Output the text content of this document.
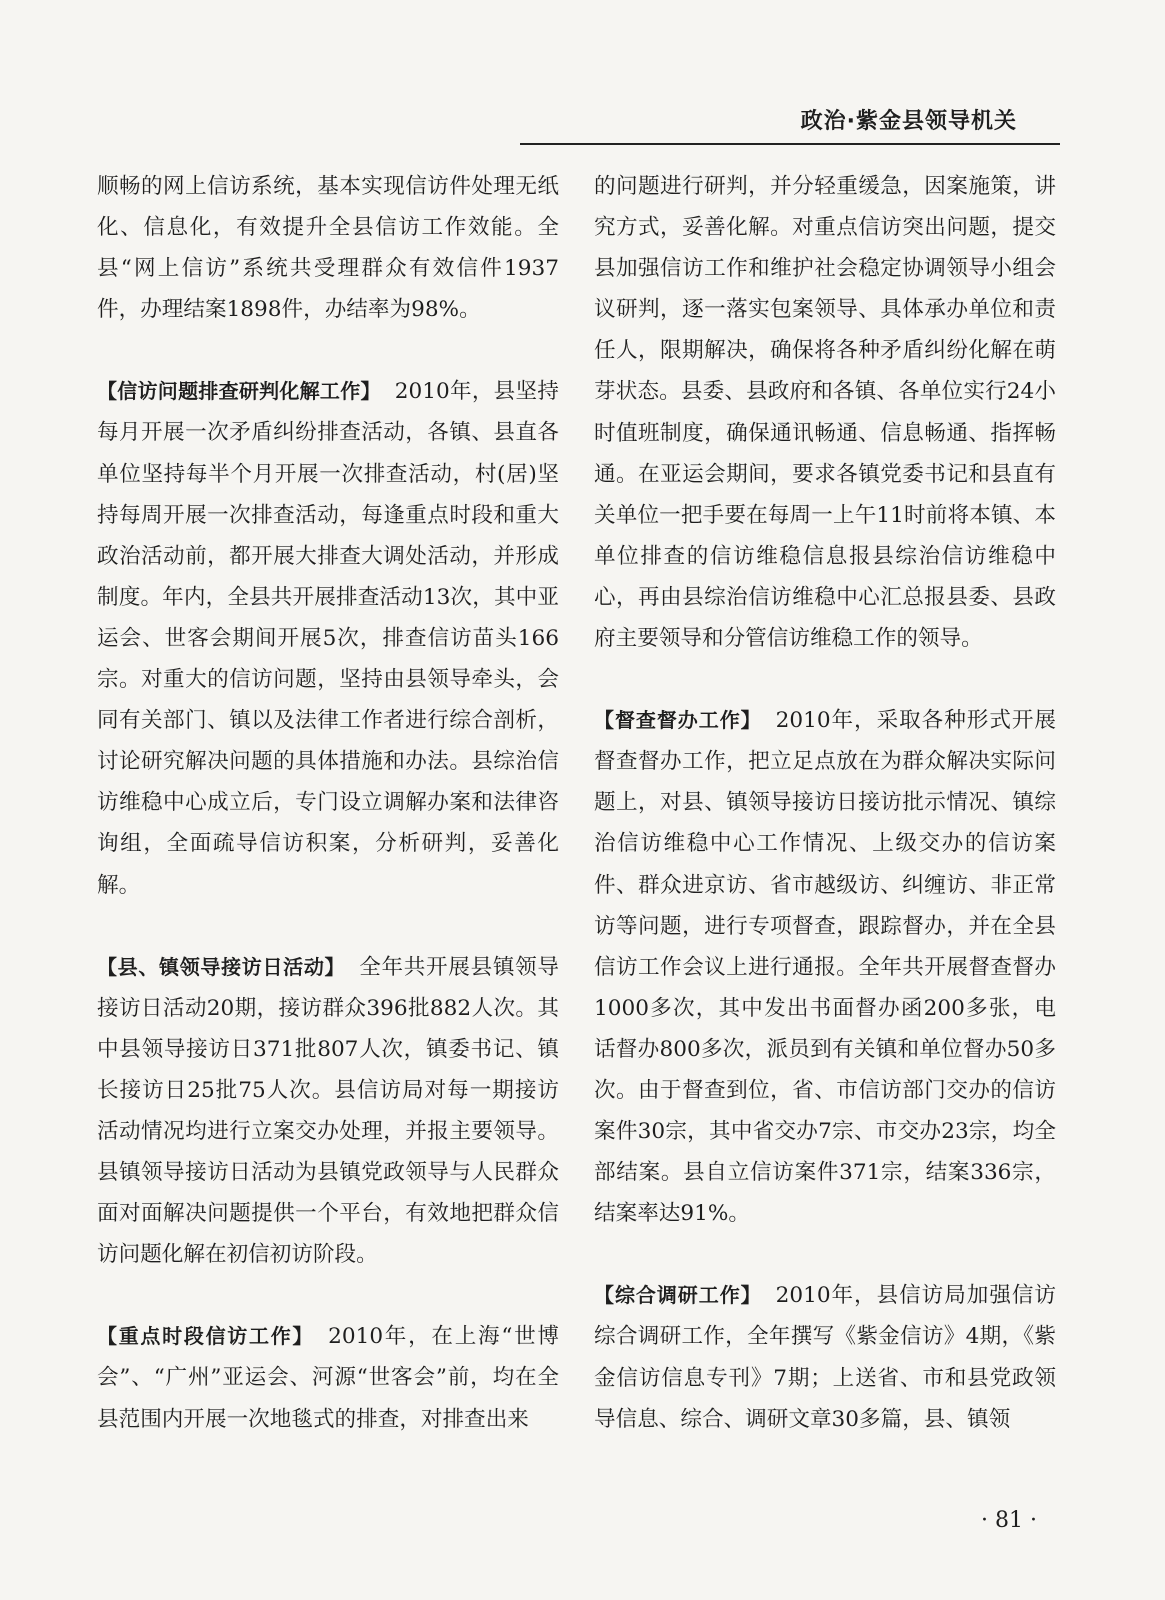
政治·紫金县领导机关

顺畅的网上信访系统，基本实现信访件处理无纸化、信息化，有效提升全县信访工作效能。全县“网上信访”系统共受理群众有效信件1937件，办理结案1898件，办结率为98%。

【信访问题排查研判化解工作】 2010年，县坚持每月开展一次矛盾纠纷排查活动，各镇、县直各单位坚持每半个月开展一次排查活动，村(居)坚持每周开展一次排查活动，每逢重点时段和重大政治活动前，都开展大排查大调处活动，并形成制度。年内，全县共开展排查活动13次，其中亚运会、世客会期间开展5次，排查信访苗头166宗。对重大的信访问题，坚持由县领导牵头，会同有关部门、镇以及法律工作者进行综合剖析，讨论研究解决问题的具体措施和办法。县综治信访维稳中心成立后，专门设立调解办案和法律咨询组，全面疏导信访积案，分析研判，妥善化解。

【县、镇领导接访日活动】 全年共开展县镇领导接访日活动20期，接访群众396批882人次。其中县领导接访日371批807人次，镇委书记、镇长接访日25批75人次。县信访局对每一期接访活动情况均进行立案交办处理，并报主要领导。县镇领导接访日活动为县镇党政领导与人民群众面对面解决问题提供一个平台，有效地把群众信访问题化解在初信初访阶段。

【重点时段信访工作】 2010年，在上海“世博会”、“广州”亚运会、河源“世客会”前，均在全县范围内开展一次地毯式的排查，对排查出来

的问题进行研判，并分轻重缓急，因案施策，讲究方式，妥善化解。对重点信访突出问题，提交县加强信访工作和维护社会稳定协调领导小组会议研判，逐一落实包案领导、具体承办单位和责任人，限期解决，确保将各种矛盾纠纷化解在萌芽状态。县委、县政府和各镇、各单位实行24小时值班制度，确保通讯畅通、信息畅通、指挥畅通。在亚运会期间，要求各镇党委书记和县直有关单位一把手要在每周一上午11时前将本镇、本单位排查的信访维稳信息报县综治信访维稳中心，再由县综治信访维稳中心汇总报县委、县政府主要领导和分管信访维稳工作的领导。

【督查督办工作】 2010年，采取各种形式开展督查督办工作，把立足点放在为群众解决实际问题上，对县、镇领导接访日接访批示情况、镇综治信访维稳中心工作情况、上级交办的信访案件、群众进京访、省市越级访、纠缠访、非正常访等问题，进行专项督查，跟踪督办，并在全县信访工作会议上进行通报。全年共开展督查督办1000多次，其中发出书面督办函200多张，电话督办800多次，派员到有关镇和单位督办50多次。由于督查到位，省、市信访部门交办的信访案件30宗，其中省交办7宗、市交办23宗，均全部结案。县自立信访案件371宗，结案336宗，结案率达91%。

【综合调研工作】 2010年，县信访局加强信访综合调研工作，全年撰写《紫金信访》4期，《紫金信访信息专刊》7期；上送省、市和县党政领导信息、综合、调研文章30多篇，县、镇领

· 81 ·
